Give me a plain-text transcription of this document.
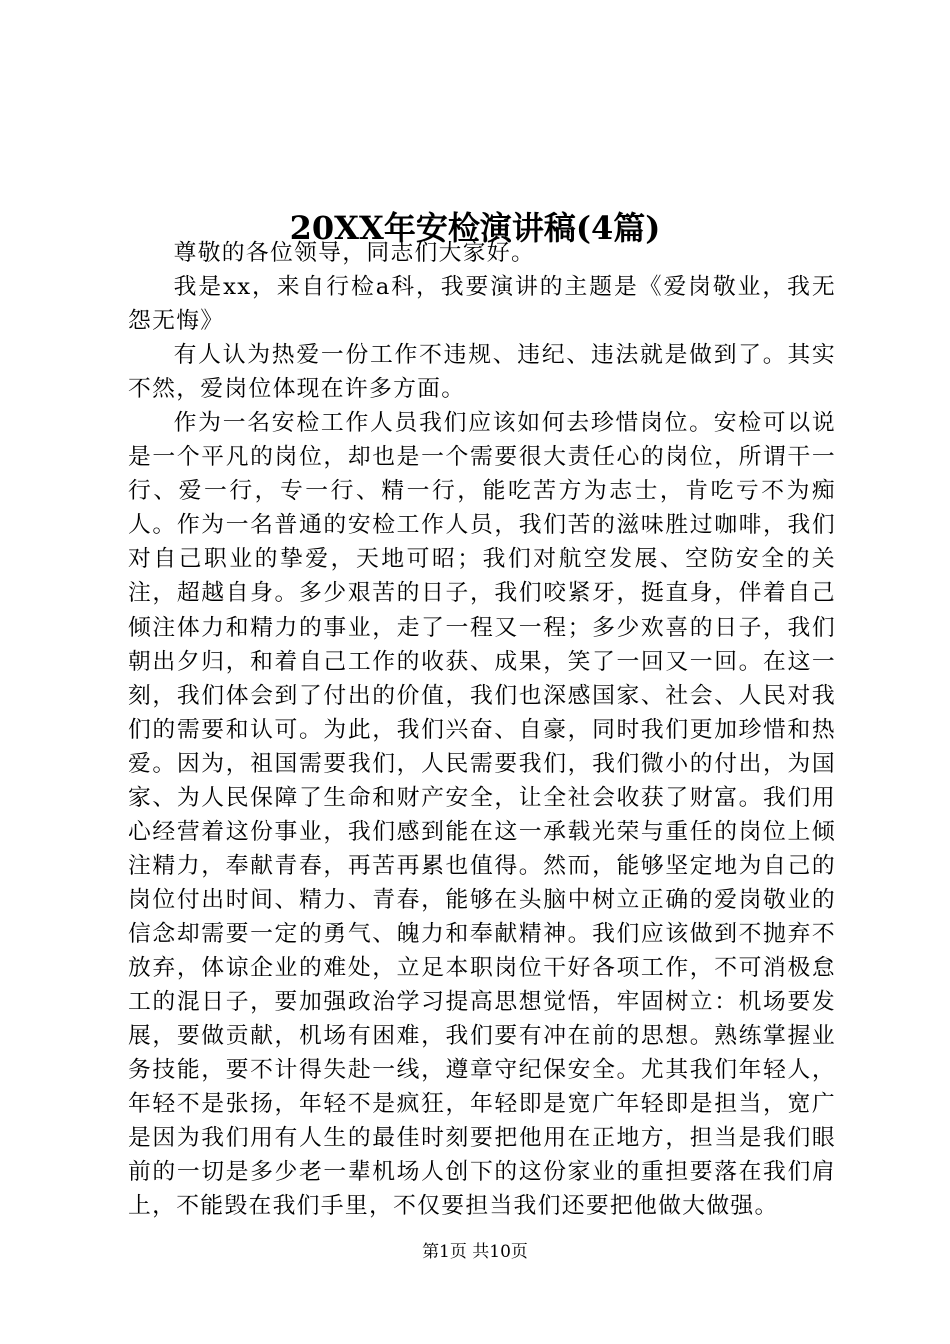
20XX年安检演讲稿(4篇)

尊敬的各位领导，同志们大家好。

我是xx，来自行检a科，我要演讲的主题是《爱岗敬业，我无怨无悔》

有人认为热爱一份工作不违规、违纪、违法就是做到了。其实不然，爱岗位体现在许多方面。

作为一名安检工作人员我们应该如何去珍惜岗位。安检可以说是一个平凡的岗位，却也是一个需要很大责任心的岗位，所谓干一行、爱一行，专一行、精一行，能吃苦方为志士，肯吃亏不为痴人。作为一名普通的安检工作人员，我们苦的滋味胜过咖啡，我们对自己职业的挚爱，天地可昭；我们对航空发展、空防安全的关注，超越自身。多少艰苦的日子，我们咬紧牙，挺直身，伴着自己倾注体力和精力的事业，走了一程又一程；多少欢喜的日子，我们朝出夕归，和着自己工作的收获、成果，笑了一回又一回。在这一刻，我们体会到了付出的价值，我们也深感国家、社会、人民对我们的需要和认可。为此，我们兴奋、自豪，同时我们更加珍惜和热爱。因为，祖国需要我们，人民需要我们，我们微小的付出，为国家、为人民保障了生命和财产安全，让全社会收获了财富。我们用心经营着这份事业，我们感到能在这一承载光荣与重任的岗位上倾注精力，奉献青春，再苦再累也值得。然而，能够坚定地为自己的岗位付出时间、精力、青春，能够在头脑中树立正确的爱岗敬业的信念却需要一定的勇气、魄力和奉献精神。我们应该做到不抛弃不放弃，体谅企业的难处，立足本职岗位干好各项工作，不可消极怠工的混日子，要加强政治学习提高思想觉悟，牢固树立：机场要发展，要做贡献，机场有困难，我们要有冲在前的思想。熟练掌握业务技能，要不计得失赴一线，遵章守纪保安全。尤其我们年轻人，年轻不是张扬，年轻不是疯狂，年轻即是宽广年轻即是担当，宽广是因为我们用有人生的最佳时刻要把他用在正地方，担当是我们眼前的一切是多少老一辈机场人创下的这份家业的重担要落在我们肩上，不能毁在我们手里，不仅要担当我们还要把他做大做强。

第1页 共10页
